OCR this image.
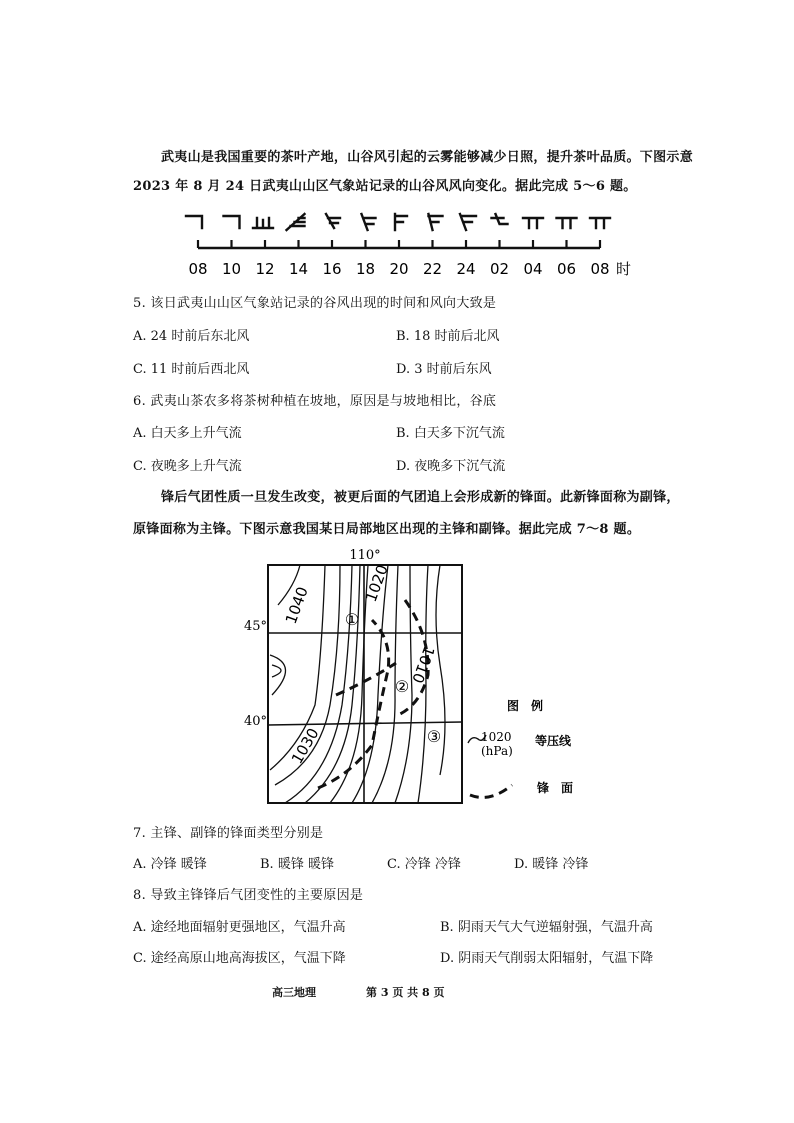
武夷山是我国重要的茶叶产地，山谷风引起的云雾能够减少日照，提升茶叶品质。下图示意
2023 年 8 月 24 日武夷山山区气象站记录的山谷风风向变化。据此完成 5～6 题。
08 10 12 14 16 18 20 22 24 02 04 06 08 时
5. 该日武夷山山区气象站记录的谷风出现的时间和风向大致是
A. 24 时前后东北风	B. 18 时前后北风
C. 11 时前后西北风	D. 3 时前后东风
6. 武夷山茶农多将茶树种植在坡地，原因是与坡地相比，谷底
A. 白天多上升气流	B. 白天多下沉气流
C. 夜晚多上升气流	D. 夜晚多下沉气流
锋后气团性质一旦发生改变，被更后面的气团追上会形成新的锋面。此新锋面称为副锋，
原锋面称为主锋。下图示意我国某日局部地区出现的主锋和副锋。据此完成 7～8 题。
①
②
③
1040
1020
1030
1010
110°
45°
40°
图　例
1020
(hPa)
等压线
锋　面
7. 主锋、副锋的锋面类型分别是
A. 冷锋 暖锋	B. 暖锋 暖锋	C. 冷锋 冷锋	D. 暖锋 冷锋
8. 导致主锋锋后气团变性的主要原因是
A. 途经地面辐射更强地区，气温升高	B. 阴雨天气大气逆辐射强，气温升高
C. 途经高原山地高海拔区，气温下降	D. 阴雨天气削弱太阳辐射，气温下降
高三地理	第 3 页 共 8 页
